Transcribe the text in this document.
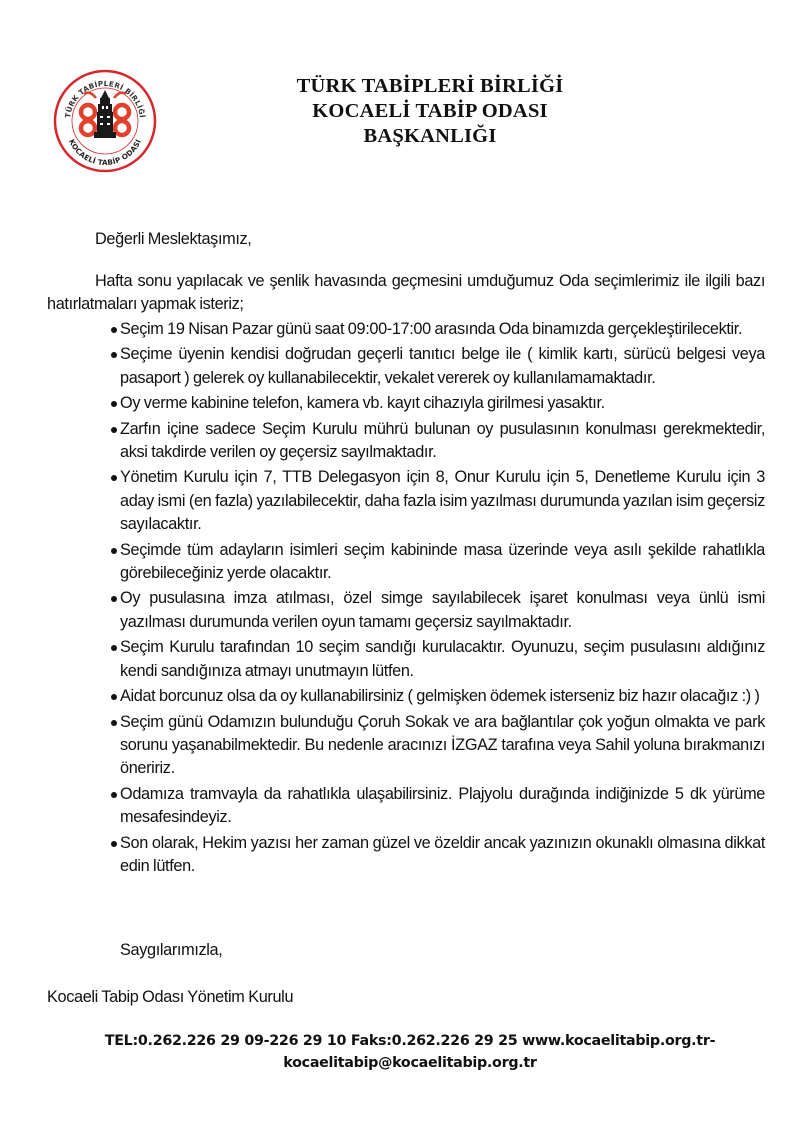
TÜRK TABİPLERİ BİRLİĞİ
KOCAELİ TABİP ODASI
TÜRK TABİPLERİ BİRLİĞİ
KOCAELİ TABİP ODASI
BAŞKANLIĞI
Değerli Meslektaşımız,
Hafta sonu yapılacak ve şenlik havasında geçmesini umduğumuz Oda seçimlerimiz ile ilgili bazı hatırlatmaları yapmak isteriz;
Seçim 19 Nisan Pazar günü saat 09:00-17:00 arasında Oda binamızda gerçekleştirilecektir.
Seçime üyenin kendisi doğrudan geçerli tanıtıcı belge ile ( kimlik kartı, sürücü belgesi veya pasaport ) gelerek oy kullanabilecektir, vekalet vererek oy kullanılamamaktadır.
Oy verme kabinine telefon, kamera vb. kayıt cihazıyla girilmesi yasaktır.
Zarfın içine sadece Seçim Kurulu mührü bulunan oy pusulasının konulması gerekmektedir, aksi takdirde verilen oy geçersiz sayılmaktadır.
Yönetim Kurulu için 7, TTB Delegasyon için 8, Onur Kurulu için 5, Denetleme Kurulu için 3 aday ismi (en fazla) yazılabilecektir, daha fazla isim yazılması durumunda yazılan isim geçersiz sayılacaktır.
Seçimde tüm adayların isimleri seçim kabininde masa üzerinde veya asılı şekilde rahatlıkla görebileceğiniz yerde olacaktır.
Oy pusulasına imza atılması, özel simge sayılabilecek işaret konulması veya ünlü ismi yazılması durumunda verilen oyun tamamı geçersiz sayılmaktadır.
Seçim Kurulu tarafından 10 seçim sandığı kurulacaktır. Oyunuzu, seçim pusulasını aldığınız kendi sandığınıza atmayı unutmayın lütfen.
Aidat borcunuz olsa da oy kullanabilirsiniz ( gelmişken ödemek isterseniz biz hazır olacağız :) )
Seçim günü Odamızın bulunduğu Çoruh Sokak ve ara bağlantılar çok yoğun olmakta ve park sorunu yaşanabilmektedir. Bu nedenle aracınızı İZGAZ tarafına veya Sahil yoluna bırakmanızı öneririz.
Odamıza tramvayla da rahatlıkla ulaşabilirsiniz. Plajyolu durağında indiğinizde 5 dk yürüme mesafesindeyiz.
Son olarak, Hekim yazısı her zaman güzel ve özeldir ancak yazınızın okunaklı olmasına dikkat edin lütfen.
Saygılarımızla,
Kocaeli Tabip Odası Yönetim Kurulu
TEL:0.262.226 29 09-226 29 10 Faks:0.262.226 29 25 www.kocaelitabip.org.tr-
kocaelitabip@kocaelitabip.org.tr
